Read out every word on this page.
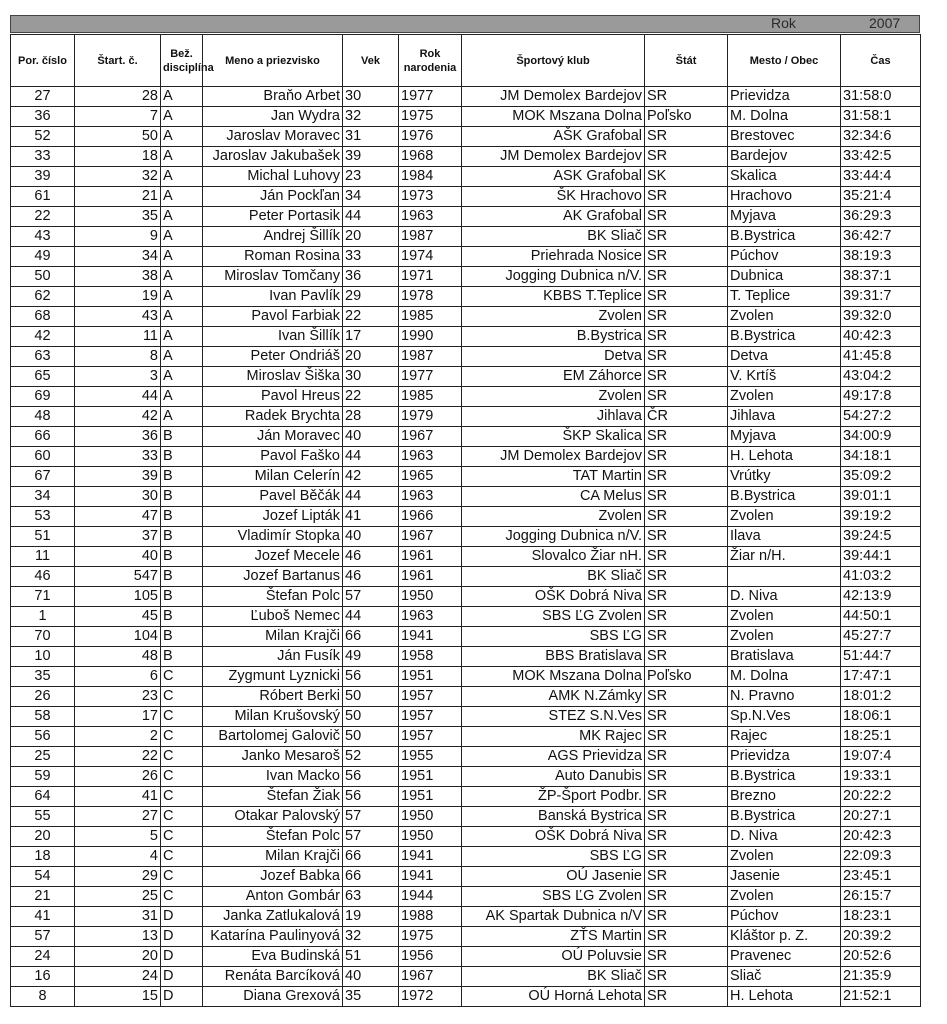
Rok	2007
Por. číslo	Štart. č.	Bež. disciplína	Meno a priezvisko	Vek	Rok narodenia	Športový klub	Štát	Mesto / Obec	Čas
27	28	A	Braňo Arbet	30	1977	JM Demolex Bardejov	SR	Prievidza	31:58:0
36	7	A	Jan Wydra	32	1975	MOK Mszana Dolna	Poľsko	M. Dolna	31:58:1
52	50	A	Jaroslav Moravec	31	1976	AŠK Grafobal	SR	Brestovec	32:34:6
33	18	A	Jaroslav Jakubašek	39	1968	JM Demolex Bardejov	SR	Bardejov	33:42:5
39	32	A	Michal Luhovy	23	1984	ASK Grafobal	SK	Skalica	33:44:4
61	21	A	Ján Pockľan	34	1973	ŠK Hrachovo	SR	Hrachovo	35:21:4
22	35	A	Peter Portasik	44	1963	AK Grafobal	SR	Myjava	36:29:3
43	9	A	Andrej Šillík	20	1987	BK Sliač	SR	B.Bystrica	36:42:7
49	34	A	Roman Rosina	33	1974	Priehrada Nosice	SR	Púchov	38:19:3
50	38	A	Miroslav Tomčany	36	1971	Jogging Dubnica n/V.	SR	Dubnica	38:37:1
62	19	A	Ivan Pavlík	29	1978	KBBS T.Teplice	SR	T. Teplice	39:31:7
68	43	A	Pavol Farbiak	22	1985	Zvolen	SR	Zvolen	39:32:0
42	11	A	Ivan Šillík	17	1990	B.Bystrica	SR	B.Bystrica	40:42:3
63	8	A	Peter Ondriáš	20	1987	Detva	SR	Detva	41:45:8
65	3	A	Miroslav Šiška	30	1977	EM Záhorce	SR	V. Krtíš	43:04:2
69	44	A	Pavol Hreus	22	1985	Zvolen	SR	Zvolen	49:17:8
48	42	A	Radek Brychta	28	1979	Jihlava	ČR	Jihlava	54:27:2
66	36	B	Ján Moravec	40	1967	ŠKP Skalica	SR	Myjava	34:00:9
60	33	B	Pavol Faško	44	1963	JM Demolex Bardejov	SR	H. Lehota	34:18:1
67	39	B	Milan Celerín	42	1965	TAT Martin	SR	Vrútky	35:09:2
34	30	B	Pavel Běčák	44	1963	CA Melus	SR	B.Bystrica	39:01:1
53	47	B	Jozef Lipták	41	1966	Zvolen	SR	Zvolen	39:19:2
51	37	B	Vladimír Stopka	40	1967	Jogging Dubnica n/V.	SR	Ilava	39:24:5
11	40	B	Jozef Mecele	46	1961	Slovalco Žiar nH.	SR	Žiar n/H.	39:44:1
46	547	B	Jozef Bartanus	46	1961	BK Sliač	SR		41:03:2
71	105	B	Štefan Polc	57	1950	OŠK Dobrá Niva	SR	D. Niva	42:13:9
1	45	B	Ľuboš Nemec	44	1963	SBS ĽG Zvolen	SR	Zvolen	44:50:1
70	104	B	Milan Krajči	66	1941	SBS ĽG	SR	Zvolen	45:27:7
10	48	B	Ján Fusík	49	1958	BBS Bratislava	SR	Bratislava	51:44:7
35	6	C	Zygmunt Lyznicki	56	1951	MOK Mszana Dolna	Poľsko	M. Dolna	17:47:1
26	23	C	Róbert Berki	50	1957	AMK N.Zámky	SR	N. Pravno	18:01:2
58	17	C	Milan Krušovský	50	1957	STEZ S.N.Ves	SR	Sp.N.Ves	18:06:1
56	2	C	Bartolomej Galovič	50	1957	MK Rajec	SR	Rajec	18:25:1
25	22	C	Janko Mesaroš	52	1955	AGS Prievidza	SR	Prievidza	19:07:4
59	26	C	Ivan Macko	56	1951	Auto Danubis	SR	B.Bystrica	19:33:1
64	41	C	Štefan Žiak	56	1951	ŽP-Šport Podbr.	SR	Brezno	20:22:2
55	27	C	Otakar Palovský	57	1950	Banská Bystrica	SR	B.Bystrica	20:27:1
20	5	C	Štefan Polc	57	1950	OŠK Dobrá Niva	SR	D. Niva	20:42:3
18	4	C	Milan Krajči	66	1941	SBS ĽG	SR	Zvolen	22:09:3
54	29	C	Jozef Babka	66	1941	OÚ Jasenie	SR	Jasenie	23:45:1
21	25	C	Anton Gombár	63	1944	SBS ĽG Zvolen	SR	Zvolen	26:15:7
41	31	D	Janka Zatlukalová	19	1988	AK Spartak Dubnica n/V	SR	Púchov	18:23:1
57	13	D	Katarína Paulinyová	32	1975	ZŤS Martin	SR	Kláštor p. Z.	20:39:2
24	20	D	Eva Budinská	51	1956	OÚ Poluvsie	SR	Pravenec	20:52:6
16	24	D	Renáta Barcíková	40	1967	BK Sliač	SR	Sliač	21:35:9
8	15	D	Diana Grexová	35	1972	OÚ Horná Lehota	SR	H. Lehota	21:52:1
